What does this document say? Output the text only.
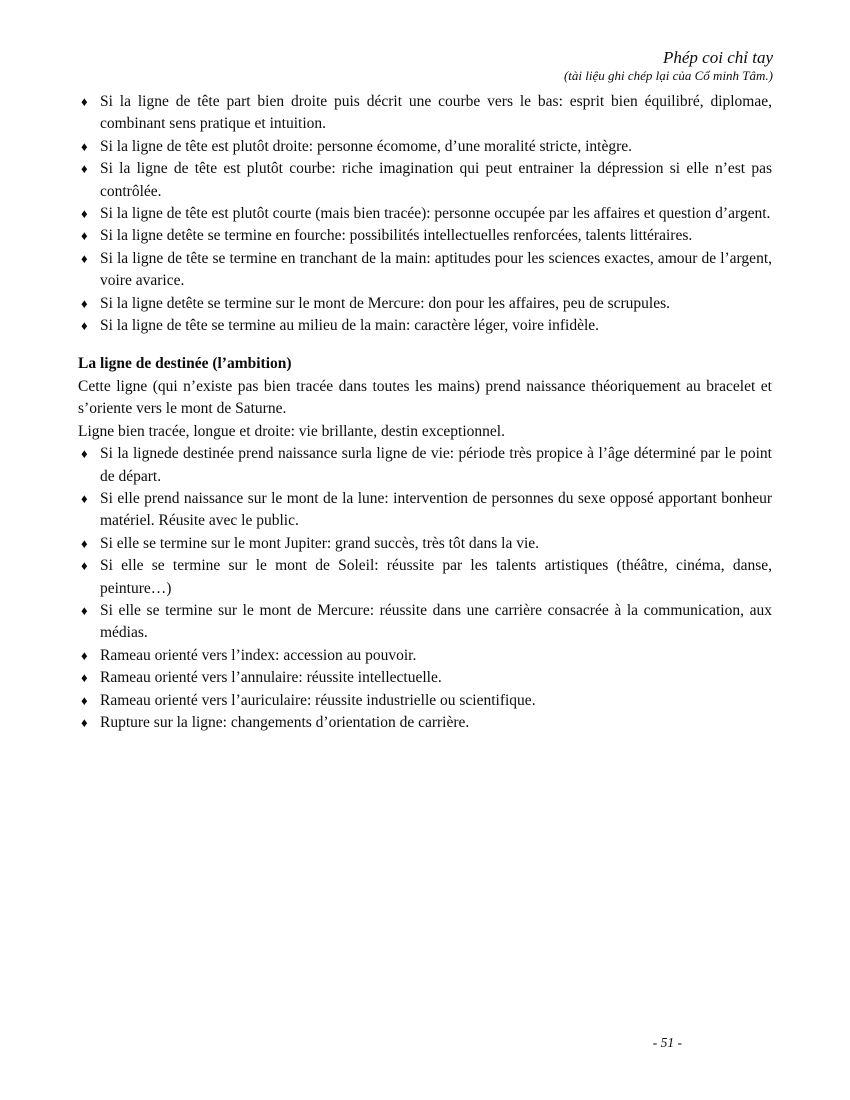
Phép coi chỉ tay
(tài liệu ghi chép lại của Cổ minh Tâm.)
♦ Si la ligne de tête part bien droite puis décrit une courbe vers le bas: esprit bien équilibré, diplomae, combinant sens pratique et intuition.
♦ Si la ligne de tête est plutôt droite: personne écomome, d’une moralité stricte, intègre.
♦ Si la ligne de tête est plutôt courbe: riche imagination qui peut entrainer la dépression si elle n’est pas contrôlée.
♦ Si la ligne de tête est plutôt courte (mais bien tracée): personne occupée par les affaires et question d’argent.
♦ Si la ligne detête se termine en fourche: possibilités intellectuelles renforcées, talents littéraires.
♦ Si la ligne de tête se termine en tranchant de la main: aptitudes pour les sciences exactes, amour de l’argent, voire avarice.
♦ Si la ligne detête se termine sur le mont de Mercure: don pour les affaires, peu de scrupules.
♦ Si la ligne de tête se termine au milieu de la main: caractère léger, voire infidèle.
La ligne de destinée (l’ambition)
Cette ligne (qui n’existe pas bien tracée dans toutes les mains) prend naissance théoriquement au bracelet et s’oriente vers le mont de Saturne.
Ligne bien tracée, longue et droite: vie brillante, destin exceptionnel.
♦ Si la lignede destinée prend naissance surla ligne de vie: période très propice à l’âge déterminé par le point de départ.
♦ Si elle prend naissance sur le mont de la lune: intervention de personnes du sexe opposé apportant bonheur matériel. Réusite avec le public.
♦ Si elle se termine sur le mont Jupiter: grand succès, très tôt dans la vie.
♦ Si elle se termine sur le mont de Soleil: réussite par les talents artistiques (théâtre, cinéma, danse, peinture…)
♦ Si elle se termine sur le mont de Mercure: réussite dans une carrière consacrée à la communication, aux médias.
♦ Rameau orienté vers l’index: accession au pouvoir.
♦ Rameau orienté vers l’annulaire: réussite intellectuelle.
♦ Rameau orienté vers l’auriculaire: réussite industrielle ou scientifique.
♦ Rupture sur la ligne: changements d’orientation de carrière.
- 51 -
